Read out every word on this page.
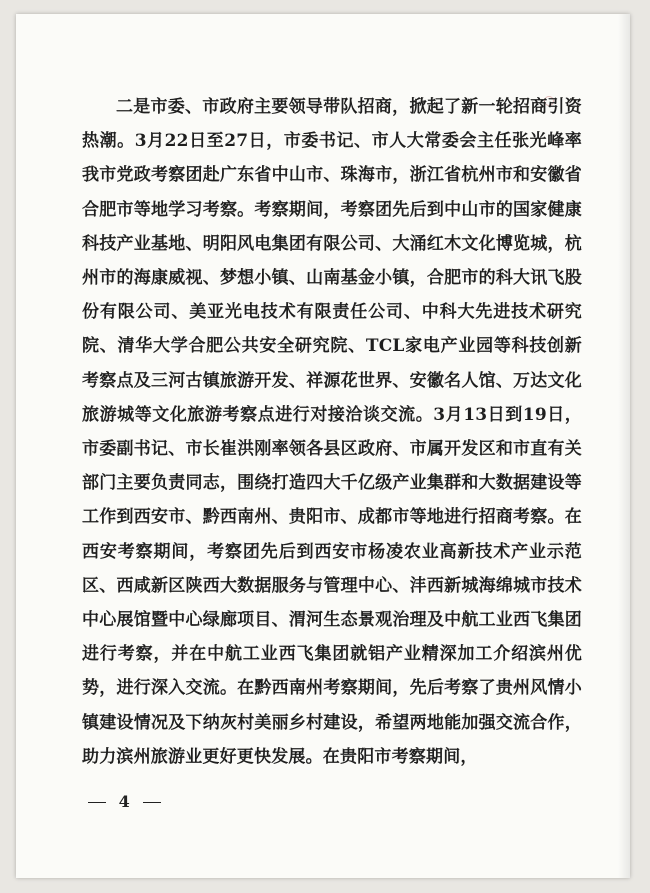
二是市委、市政府主要领导带队招商，掀起了新一轮招商引资热潮。3月22日至27日，市委书记、市人大常委会主任张光峰率我市党政考察团赴广东省中山市、珠海市，浙江省杭州市和安徽省合肥市等地学习考察。考察期间，考察团先后到中山市的国家健康科技产业基地、明阳风电集团有限公司、大涌红木文化博览城，杭州市的海康威视、梦想小镇、山南基金小镇，合肥市的科大讯飞股份有限公司、美亚光电技术有限责任公司、中科大先进技术研究院、清华大学合肥公共安全研究院、TCL家电产业园等科技创新考察点及三河古镇旅游开发、祥源花世界、安徽名人馆、万达文化旅游城等文化旅游考察点进行对接洽谈交流。3月13日到19日，市委副书记、市长崔洪刚率领各县区政府、市属开发区和市直有关部门主要负责同志，围绕打造四大千亿级产业集群和大数据建设等工作到西安市、黔西南州、贵阳市、成都市等地进行招商考察。在西安考察期间，考察团先后到西安市杨凌农业高新技术产业示范区、西咸新区陕西大数据服务与管理中心、沣西新城海绵城市技术中心展馆暨中心绿廊项目、渭河生态景观治理及中航工业西飞集团进行考察，并在中航工业西飞集团就铝产业精深加工介绍滨州优势，进行深入交流。在黔西南州考察期间，先后考察了贵州风情小镇建设情况及下纳灰村美丽乡村建设，希望两地能加强交流合作，助力滨州旅游业更好更快发展。在贵阳市考察期间，

4
